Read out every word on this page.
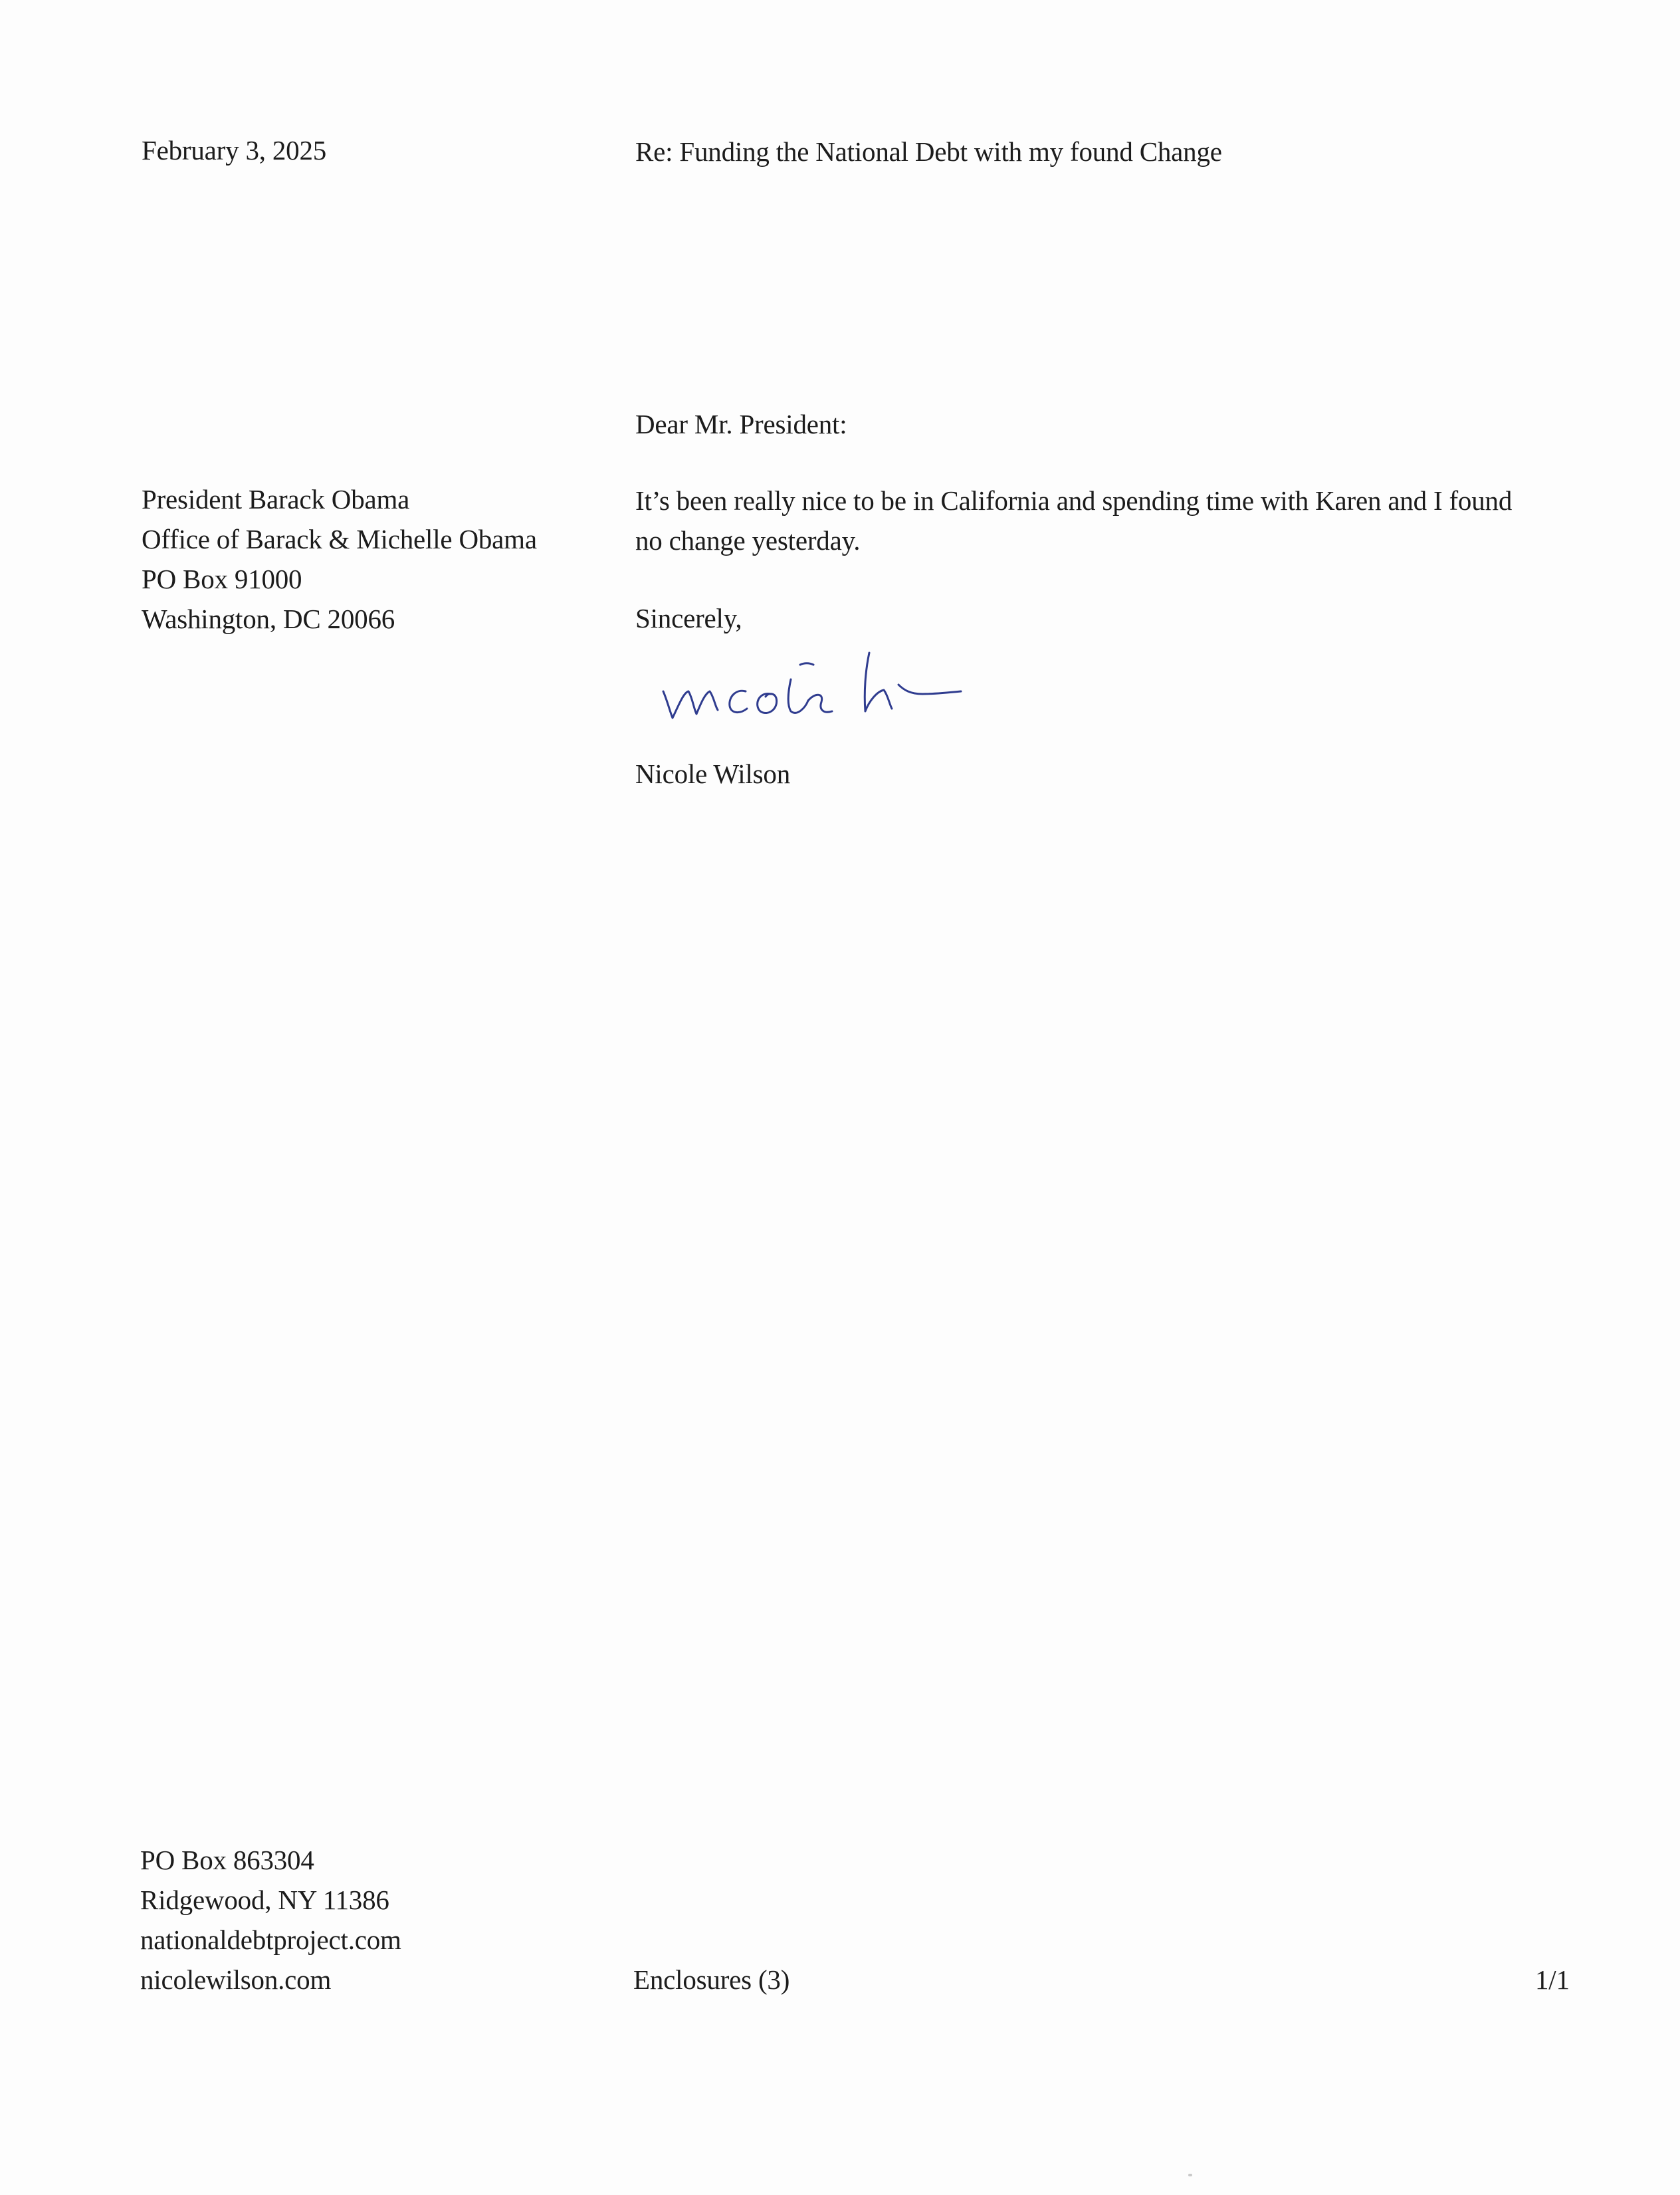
February 3, 2025	Re: Funding the National Debt with my found Change
Dear Mr. President:
President Barack Obama
Office of Barack & Michelle Obama
PO Box 91000
Washington, DC 20066
It’s been really nice to be in California and spending time with Karen and I found
no change yesterday.
Sincerely,
Nicole Wilson
PO Box 863304
Ridgewood, NY 11386
nationaldebtproject.com
nicolewilson.com	Enclosures (3)	1/1
